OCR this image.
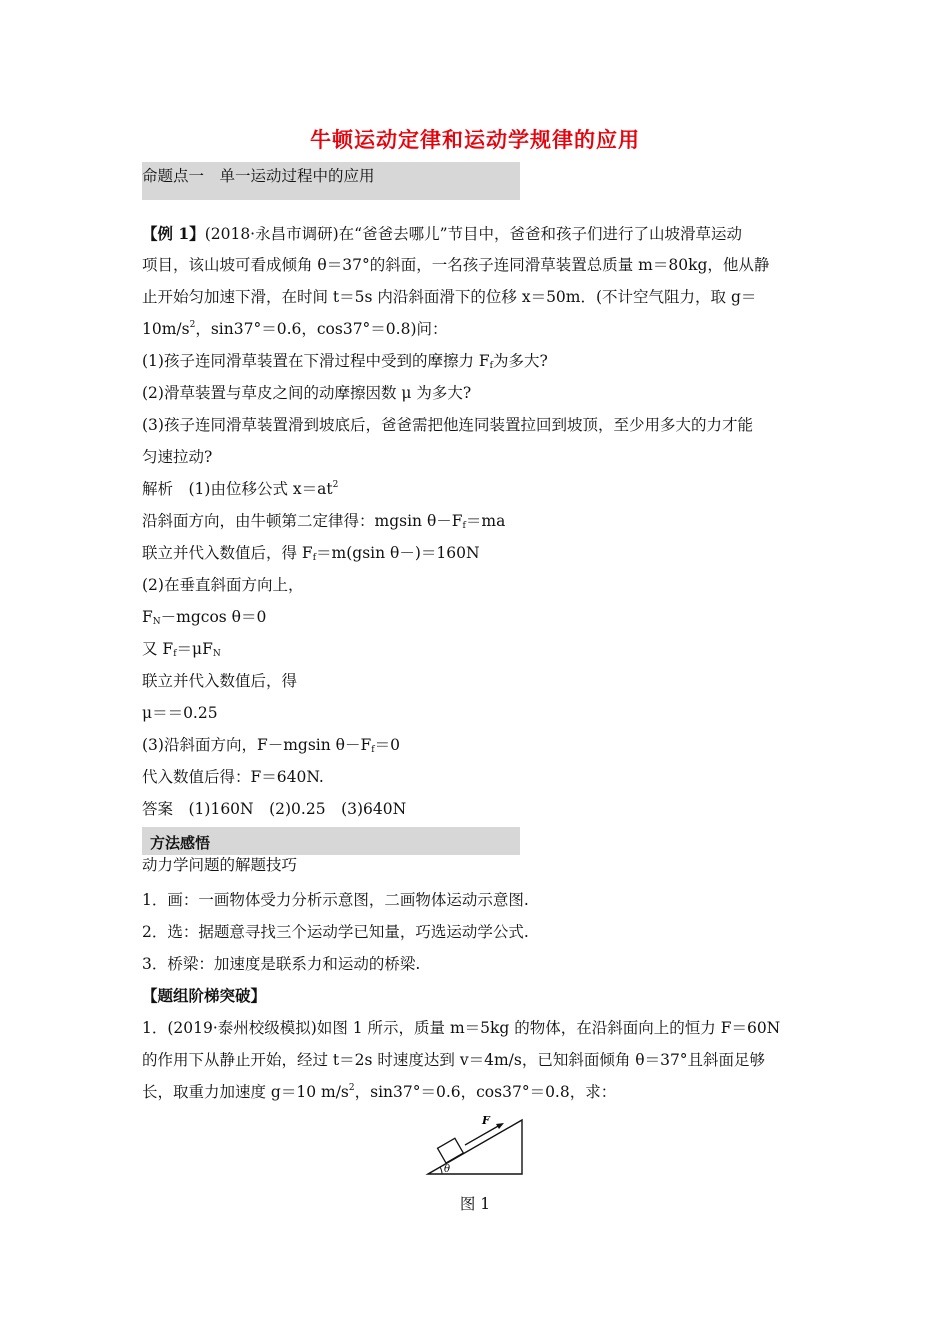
牛顿运动定律和运动学规律的应用
命题点一　单一运动过程中的应用
【例 1】(2018·永昌市调研)在“爸爸去哪儿”节目中，爸爸和孩子们进行了山坡滑草运动
项目，该山坡可看成倾角 θ＝37°的斜面，一名孩子连同滑草装置总质量 m＝80kg，他从静
止开始匀加速下滑，在时间 t＝5s 内沿斜面滑下的位移 x＝50m．(不计空气阻力，取 g＝
$10m/s^2$，sin37°＝0.6，cos37°＝0.8)问：
(1)孩子连同滑草装置在下滑过程中受到的摩擦力 $F_f$为多大?
(2)滑草装置与草皮之间的动摩擦因数 μ 为多大?
(3)孩子连同滑草装置滑到坡底后，爸爸需把他连同装置拉回到坡顶，至少用多大的力才能
匀速拉动?
解析　(1)由位移公式 $x=at^2$
沿斜面方向，由牛顿第二定律得：mgsin $\theta-F_f=ma$
联立并代入数值后，得 $F_f=m(gsin$ θ－)＝160N
(2)在垂直斜面方向上，
$F_N-mgcos$ θ＝0
又 $F_f=\mu F_N$
联立并代入数值后，得
μ＝＝0.25
(3)沿斜面方向，F－mgsin $\theta-F_f=0$
代入数值后得：F＝640N.
答案　(1)160N　(2)0.25　(3)640N
方法感悟
动力学问题的解题技巧
1．画：一画物体受力分析示意图，二画物体运动示意图.
2．选：据题意寻找三个运动学已知量，巧选运动学公式.
3．桥梁：加速度是联系力和运动的桥梁.
【题组阶梯突破】
1．(2019·泰州校级模拟)如图 1 所示，质量 m＝5kg 的物体，在沿斜面向上的恒力 F＝60N
的作用下从静止开始，经过 t＝2s 时速度达到 v＝4m/s，已知斜面倾角 θ＝37°且斜面足够
长，取重力加速度 g＝10 $m/s^2$，sin37°＝0.6，cos37°＝0.8，求：
F
θ
图 1
